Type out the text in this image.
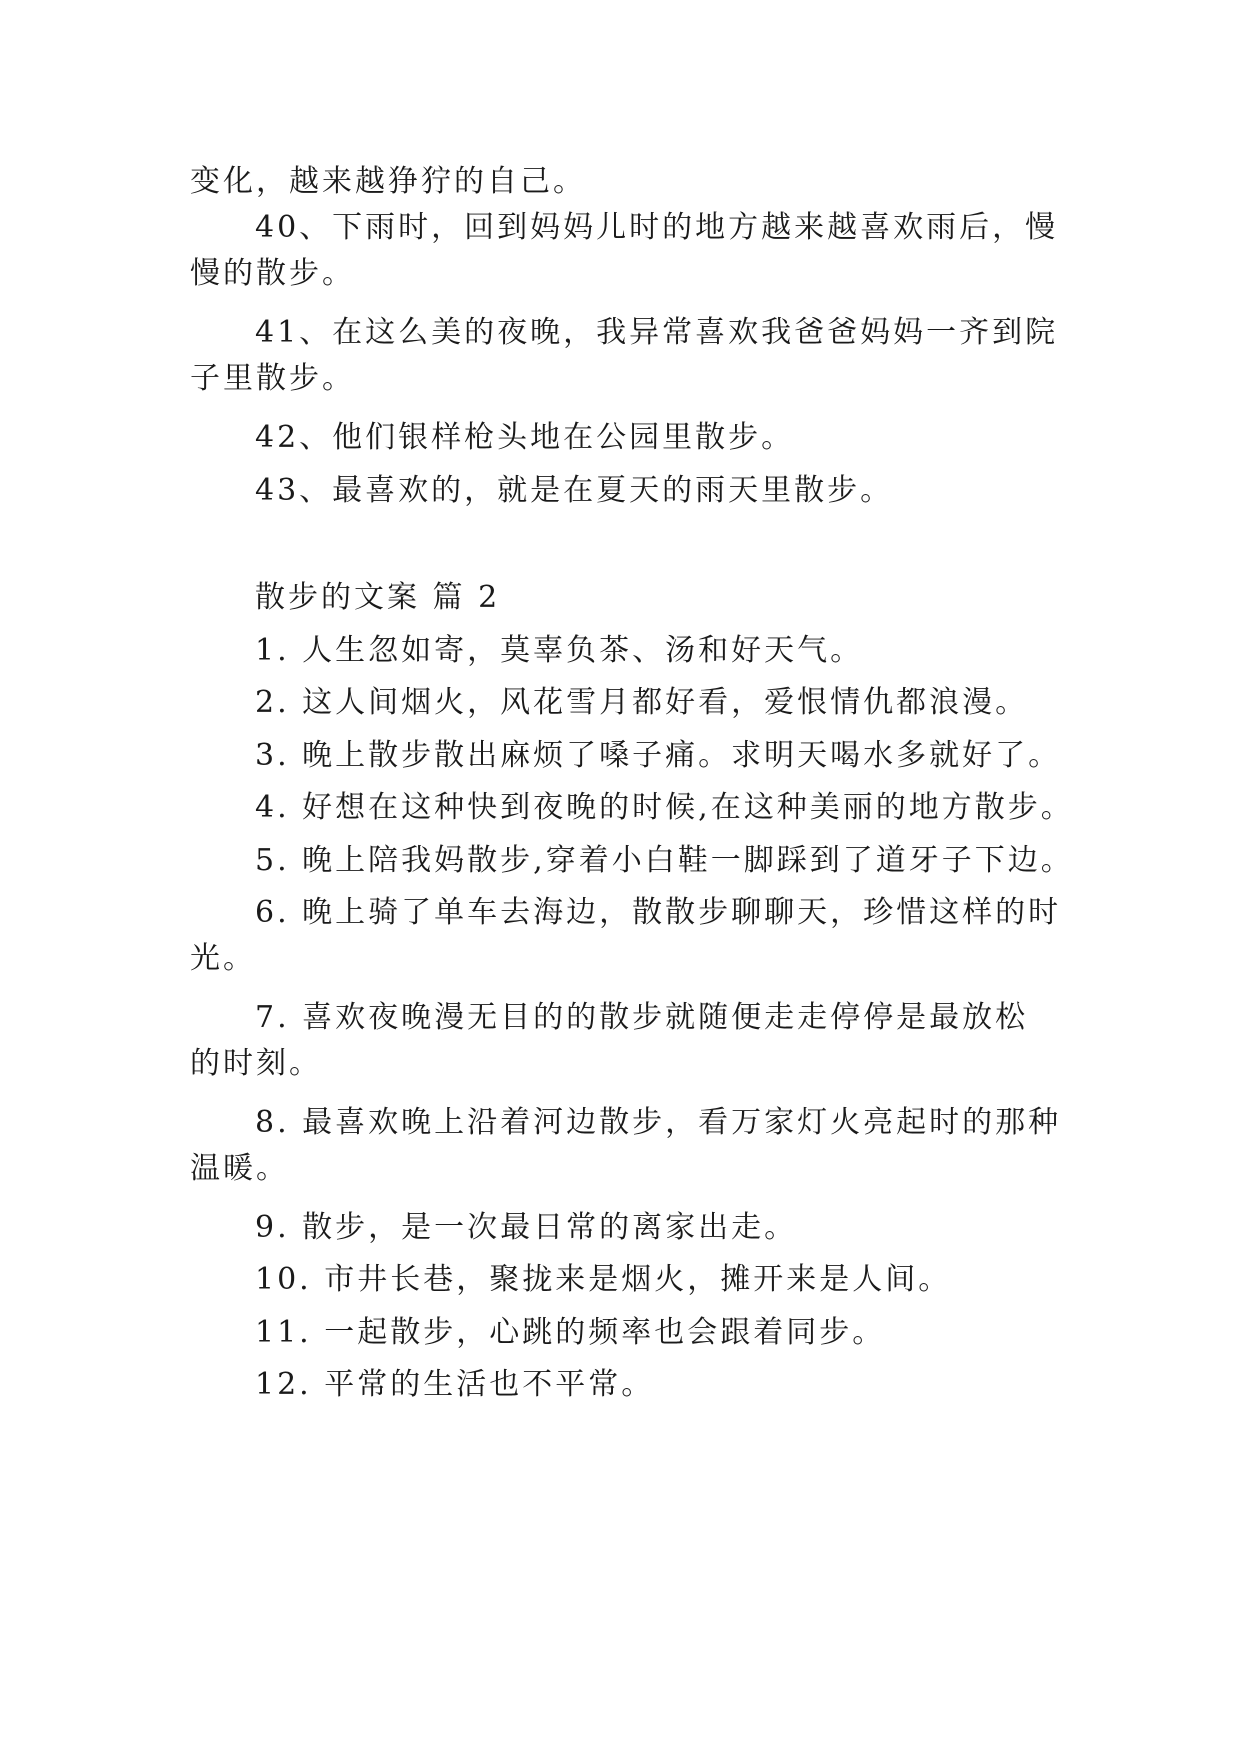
变化，越来越狰狞的自己。
40、下雨时，回到妈妈儿时的地方越来越喜欢雨后，慢
慢的散步。
41、在这么美的夜晚，我异常喜欢我爸爸妈妈一齐到院
子里散步。
42、他们银样枪头地在公园里散步。
43、最喜欢的，就是在夏天的雨天里散步。
散步的文案 篇 2
1. 人生忽如寄，莫辜负茶、汤和好天气。
2. 这人间烟火，风花雪月都好看，爱恨情仇都浪漫。
3. 晚上散步散出麻烦了嗓子痛。求明天喝水多就好了。
4. 好想在这种快到夜晚的时候,在这种美丽的地方散步。
5. 晚上陪我妈散步,穿着小白鞋一脚踩到了道牙子下边。
6. 晚上骑了单车去海边，散散步聊聊天，珍惜这样的时
光。
7. 喜欢夜晚漫无目的的散步就随便走走停停是最放松
的时刻。
8. 最喜欢晚上沿着河边散步，看万家灯火亮起时的那种
温暖。
9. 散步，是一次最日常的离家出走。
10. 市井长巷，聚拢来是烟火，摊开来是人间。
11. 一起散步，心跳的频率也会跟着同步。
12. 平常的生活也不平常。
